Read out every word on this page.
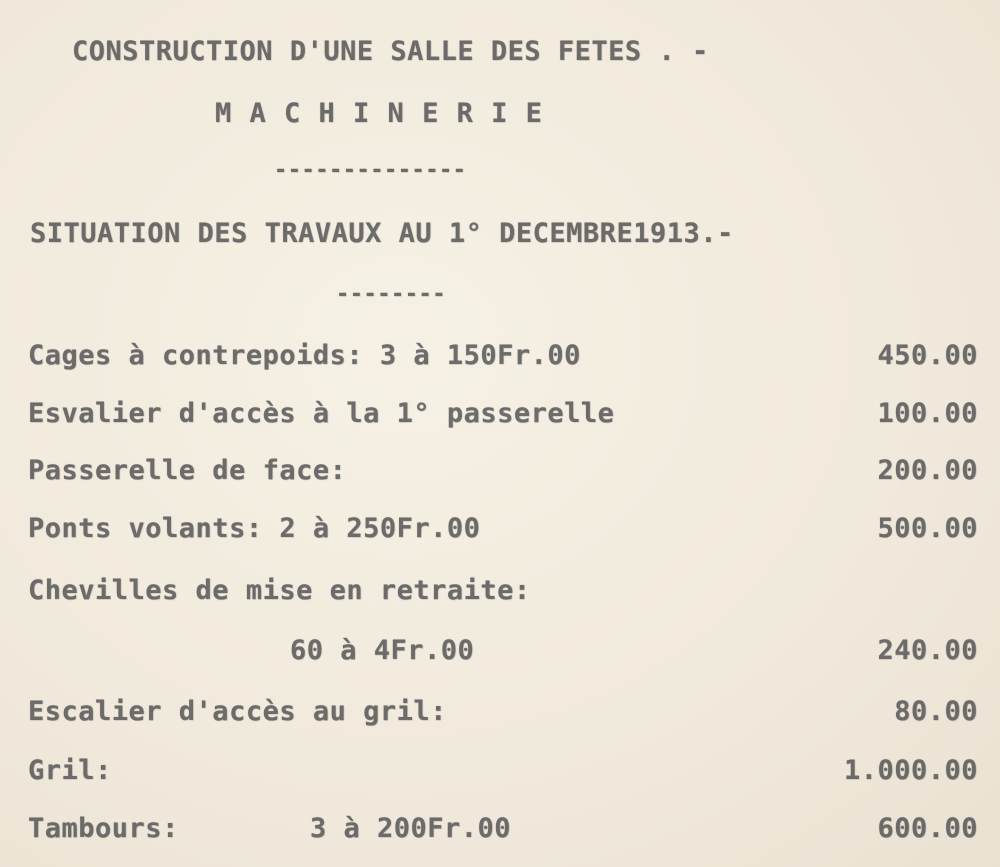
CONSTRUCTION D'UNE SALLE DES FETES . -
M A C H I N E R I E
--------------
SITUATION DES TRAVAUX AU 1° DECEMBRE1913.-
--------
Cages à contrepoids: 3 à 150Fr.00	450.00
Esvalier d'accès à la 1° passerelle	100.00
Passerelle de face:	200.00
Ponts volants: 2 à 250Fr.00	500.00
Chevilles de mise en retraite:
60 à 4Fr.00	240.00
Escalier d'accès au gril:	80.00
Gril:	1.000.00
Tambours:	3 à 200Fr.00	600.00
